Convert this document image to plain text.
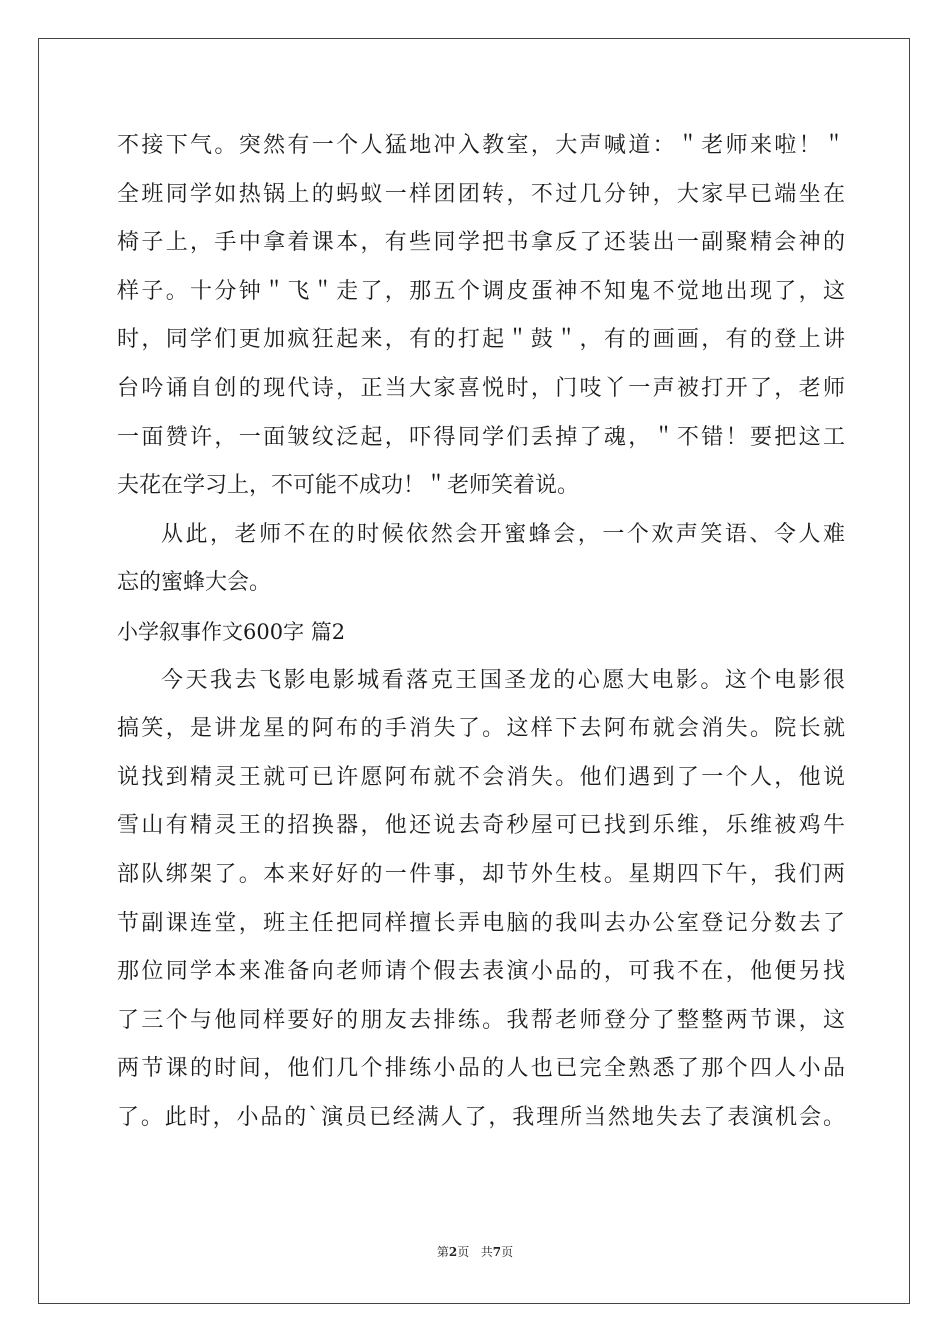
不接下气。突然有一个人猛地冲入教室，大声喊道：＂老师来啦！＂
全班同学如热锅上的蚂蚁一样团团转，不过几分钟，大家早已端坐在
椅子上，手中拿着课本，有些同学把书拿反了还装出一副聚精会神的
样子。十分钟＂飞＂走了，那五个调皮蛋神不知鬼不觉地出现了，这
时，同学们更加疯狂起来，有的打起＂鼓＂，有的画画，有的登上讲
台吟诵自创的现代诗，正当大家喜悦时，门吱丫一声被打开了，老师
一面赞许，一面皱纹泛起，吓得同学们丢掉了魂，＂不错！要把这工
夫花在学习上，不可能不成功！＂老师笑着说。
从此，老师不在的时候依然会开蜜蜂会，一个欢声笑语、令人难
忘的蜜蜂大会。
小学叙事作文600字 篇2
今天我去飞影电影城看落克王国圣龙的心愿大电影。这个电影很
搞笑，是讲龙星的阿布的手消失了。这样下去阿布就会消失。院长就
说找到精灵王就可已许愿阿布就不会消失。他们遇到了一个人，他说
雪山有精灵王的招换器，他还说去奇秒屋可已找到乐维，乐维被鸡牛
部队绑架了。本来好好的一件事，却节外生枝。星期四下午，我们两
节副课连堂，班主任把同样擅长弄电脑的我叫去办公室登记分数去了
那位同学本来准备向老师请个假去表演小品的，可我不在，他便另找
了三个与他同样要好的朋友去排练。我帮老师登分了整整两节课，这
两节课的时间，他们几个排练小品的人也已完全熟悉了那个四人小品
了。此时，小品的`演员已经满人了，我理所当然地失去了表演机会。
第2页 共7页
